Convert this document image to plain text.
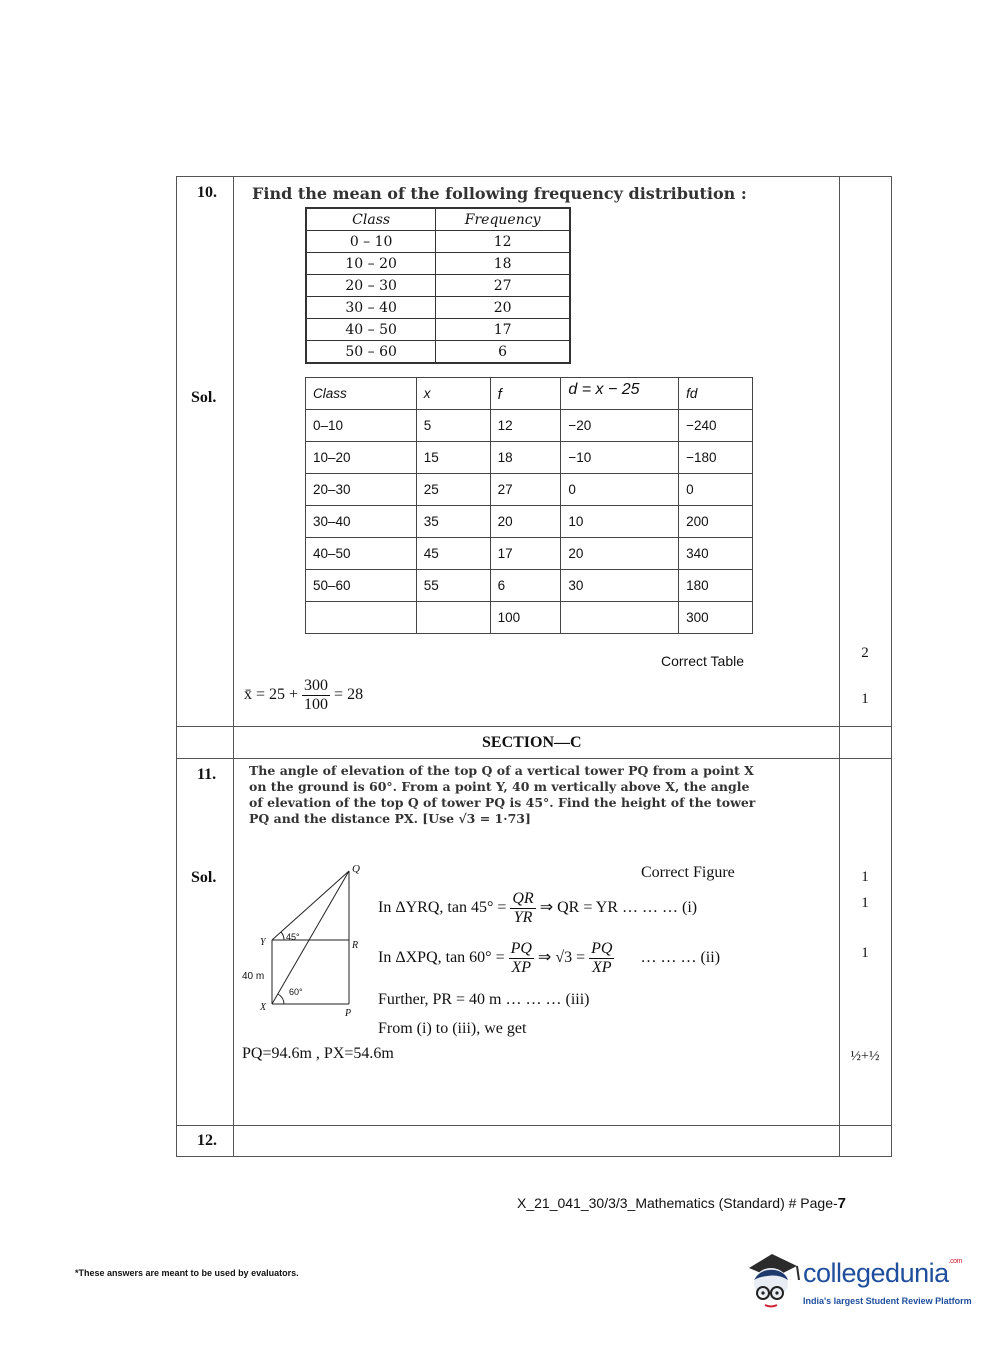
10. Find the mean of the following frequency distribution :
Class	Frequency
0 – 10	12
10 – 20	18
20 – 30	27
30 – 40	20
40 – 50	17
50 – 60	6
Sol.	Class	x	f	d = x − 25	fd
0–10	5	12	−20	−240
10–20	15	18	−10	−180
20–30	25	27	0	0
30–40	35	20	10	200
40–50	45	17	20	340
50–60	55	6	30	180
		100		300
Correct Table
x̄ = $25 + \frac{300}{100} = 28$
2
1
SECTION—C
11.	The angle of elevation of the top Q of a vertical tower PQ from a point X
on the ground is 60°. From a point Y, 40 m vertically above X, the angle
of elevation of the top Q of tower PQ is 45°. Find the height of the tower
PQ and the distance PX. [Use √3 = 1·73]
Sol.	Correct Figure
Q
Y	R
X
P
45°
60°
40 m
In ΔYRQ, $\tan 45^\circ = \frac{QR}{YR}$ ⇒ QR = YR … … … (i)
In ΔXPQ, $\tan 60^\circ = \frac{PQ}{XP}$ ⇒ $√3 = \frac{PQ}{XP}$ … … … (ii)
Further, PR = 40 m … … … (iii)
From (i) to (iii), we get
PQ=94.6m , PX=54.6m
1
1
1
½+½
12.
X_21_041_30/3/3_Mathematics (Standard) # Page-7
*These answers are meant to be used by evaluators.	collegedunia$^{.com}$
India's largest Student Review Platform
